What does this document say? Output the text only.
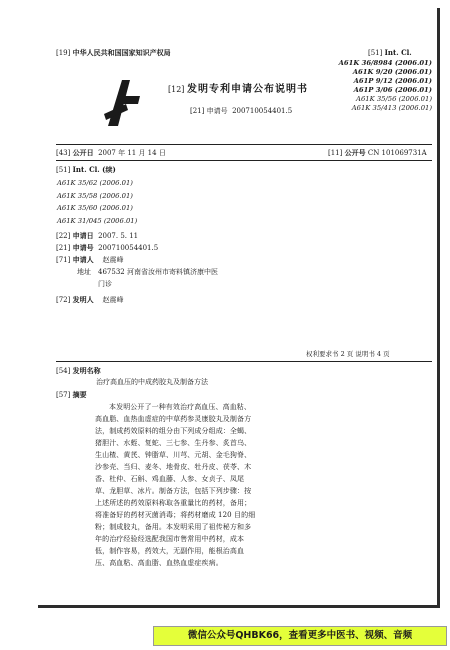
[19] 中华人民共和国国家知识产权局
[12] 发明专利申请公布说明书
[21] 申请号 200710054401.5
[51] Int. Cl.
A61K 36/8984 (2006.01)
A61K 9/20 (2006.01)
A61P 9/12 (2006.01)
A61P 3/06 (2006.01)
A61K 35/56 (2006.01)
A61K 35/413 (2006.01)
[43] 公开日 2007 年 11 月 14 日	[11] 公开号 CN 101069731A
[51] Int. Cl. (续)
A61K 35/62 (2006.01)
A61K 35/58 (2006.01)
A61K 35/60 (2006.01)
A61K 31/045 (2006.01)
[22] 申请日 2007. 5. 11
[21] 申请号 200710054401.5
[71] 申请人 赵震峰
地址 467532 河南省汝州市寄料镇济康中医
门诊
[72] 发明人 赵震峰
权利要求书 2 页 说明书 4 页
[54] 发明名称
治疗高血压的中成药胶丸及制备方法
[57] 摘要
本发明公开了一种有效治疗高血压、高血粘、
高血脂、血热血虚症的中草药参灵康胶丸及制备方
法，制成药效原料的组分由下列成分组成：全蝎、
猪胆汁、水蛭、复蛇、三七参、生丹参、炙首乌、
生山楂、黄芪、钟脂草、川芎、元胡、金毛狗脊、
沙参壳、当归、麦冬、地骨皮、牡丹皮、茯苓、木
香、杜仲、石斛、鸡血藤、人参、女贞子、凤尾
草、龙胆草、冰片。制备方法，包括下列步骤：按
上述所述的药效原料称取各重量比的药材，备用；
将准备好的药材灭菌消毒；将药材磨成 120 目的细
粉；制成胶丸，备用。本发明采用了祖传秘方和多
年的治疗经验经选配我国市售常用中药材，成本
低，制作容易，药效大，无副作用，能根治高血
压、高血粘、高血脂、血热血虚症疾病。
微信公众号QHBK66，查看更多中医书、视频、音频
